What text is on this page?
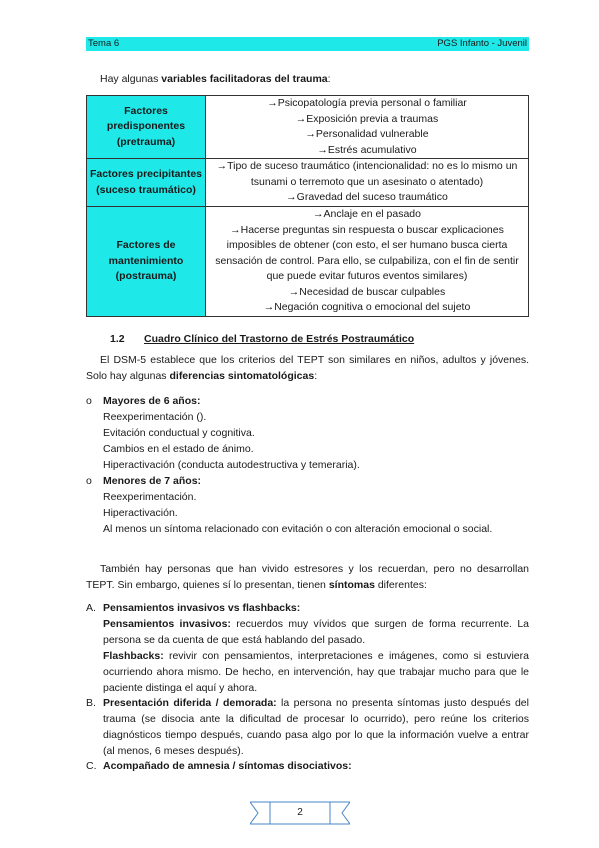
Tema 6	PGS Infanto - Juvenil
Hay algunas variables facilitadoras del trauma:
Factores predisponentes (pretrauma)	→Psicopatología previa personal o familiar
→Exposición previa a traumas
→Personalidad vulnerable
→Estrés acumulativo

Factores precipitantes (suceso traumático)	→Tipo de suceso traumático (intencionalidad: no es lo mismo un tsunami o terremoto que un asesinato o atentado)
→Gravedad del suceso traumático

Factores de mantenimiento (postrauma)	→Anclaje en el pasado
→Hacerse preguntas sin respuesta o buscar explicaciones imposibles de obtener (con esto, el ser humano busca cierta sensación de control. Para ello, se culpabiliza, con el fin de sentir que puede evitar futuros eventos similares)
→Necesidad de buscar culpables
→Negación cognitiva o emocional del sujeto
1.2 Cuadro Clínico del Trastorno de Estrés Postraumático
El DSM-5 establece que los criterios del TEPT son similares en niños, adultos y jóvenes. Solo hay algunas diferencias sintomatológicas:
o Mayores de 6 años:
Reexperimentación ().
Evitación conductual y cognitiva.
Cambios en el estado de ánimo.
Hiperactivación (conducta autodestructiva y temeraria).
o Menores de 7 años:
Reexperimentación.
Hiperactivación.
Al menos un síntoma relacionado con evitación o con alteración emocional o social.
También hay personas que han vivido estresores y los recuerdan, pero no desarrollan TEPT. Sin embargo, quienes sí lo presentan, tienen síntomas diferentes:
A. Pensamientos invasivos vs flashbacks:
Pensamientos invasivos: recuerdos muy vívidos que surgen de forma recurrente. La persona se da cuenta de que está hablando del pasado.
Flashbacks: revivir con pensamientos, interpretaciones e imágenes, como si estuviera ocurriendo ahora mismo. De hecho, en intervención, hay que trabajar mucho para que le paciente distinga el aquí y ahora.
B. Presentación diferida / demorada: la persona no presenta síntomas justo después del trauma (se disocia ante la dificultad de procesar lo ocurrido), pero reúne los criterios diagnósticos tiempo después, cuando pasa algo por lo que la información vuelve a entrar (al menos, 6 meses después).
C. Acompañado de amnesia / síntomas disociativos:
2
